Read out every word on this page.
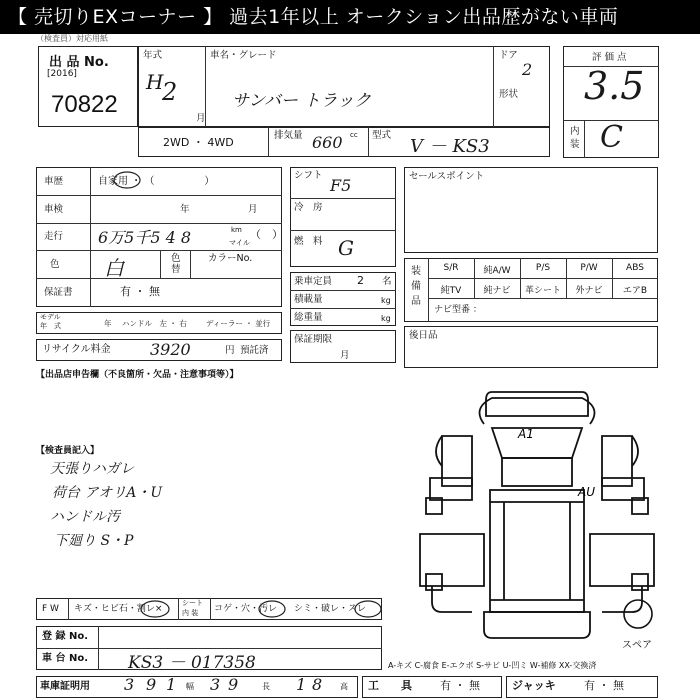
【 売切りEXコーナー 】 過去1年以上 オークション出品歴がない車両
（検査員）対応用紙
出 品 No.
[2016]
70822
年式
H
2
月
車名・グレード
サンバー トラック
ドア
2
形状
評 価 点
3.5
内装 C
2WD ・ 4WD
排気量 660 cc 型式
V － KS3
車歴	自家用 ・ （　　　　　）
車検	年	月
走行 6万5千5 4 8	km
マイル
（　）
色 白	色
替
カラーNo.
保証書	有 ・ 無
モデル
年　式	年 ハンドル　左 ・ 右	ディーラー ・ 並行
リサイクル料金 3920	円 預託済
シフト
F5
冷　房
燃　料 G
乗車定員 2 名
積載量	kg
総重量	kg
保証期限
月
セールスポイント
装備品
S/R	純A/W	P/S	P/W	ABS
純TV	純ナビ	革シート	外ナビ	エアB
ナビ型番 ：
後日品
【出品店申告欄（不良箇所・欠品・注意事項等）】
【検査員記入】
天張りハガレ
荷台 アオリA・U
ハンドル汚
下廻り S・P
A1
AU
スペア
F W キズ・ヒビ石・割レ×
シート
内 装 コゲ・穴・汚レ シミ・破レ・スレ
登 録 No.
車 台 No. KS3 － 017358	A-キズ C-腐食 E-エクボ S-サビ U-凹ミ W-補修 XX-交換済
車庫証明用 3 9 1 幅 3 9	長 1 8 高 工　　具	有 ・ 無	ジャッキ	有 ・ 無
